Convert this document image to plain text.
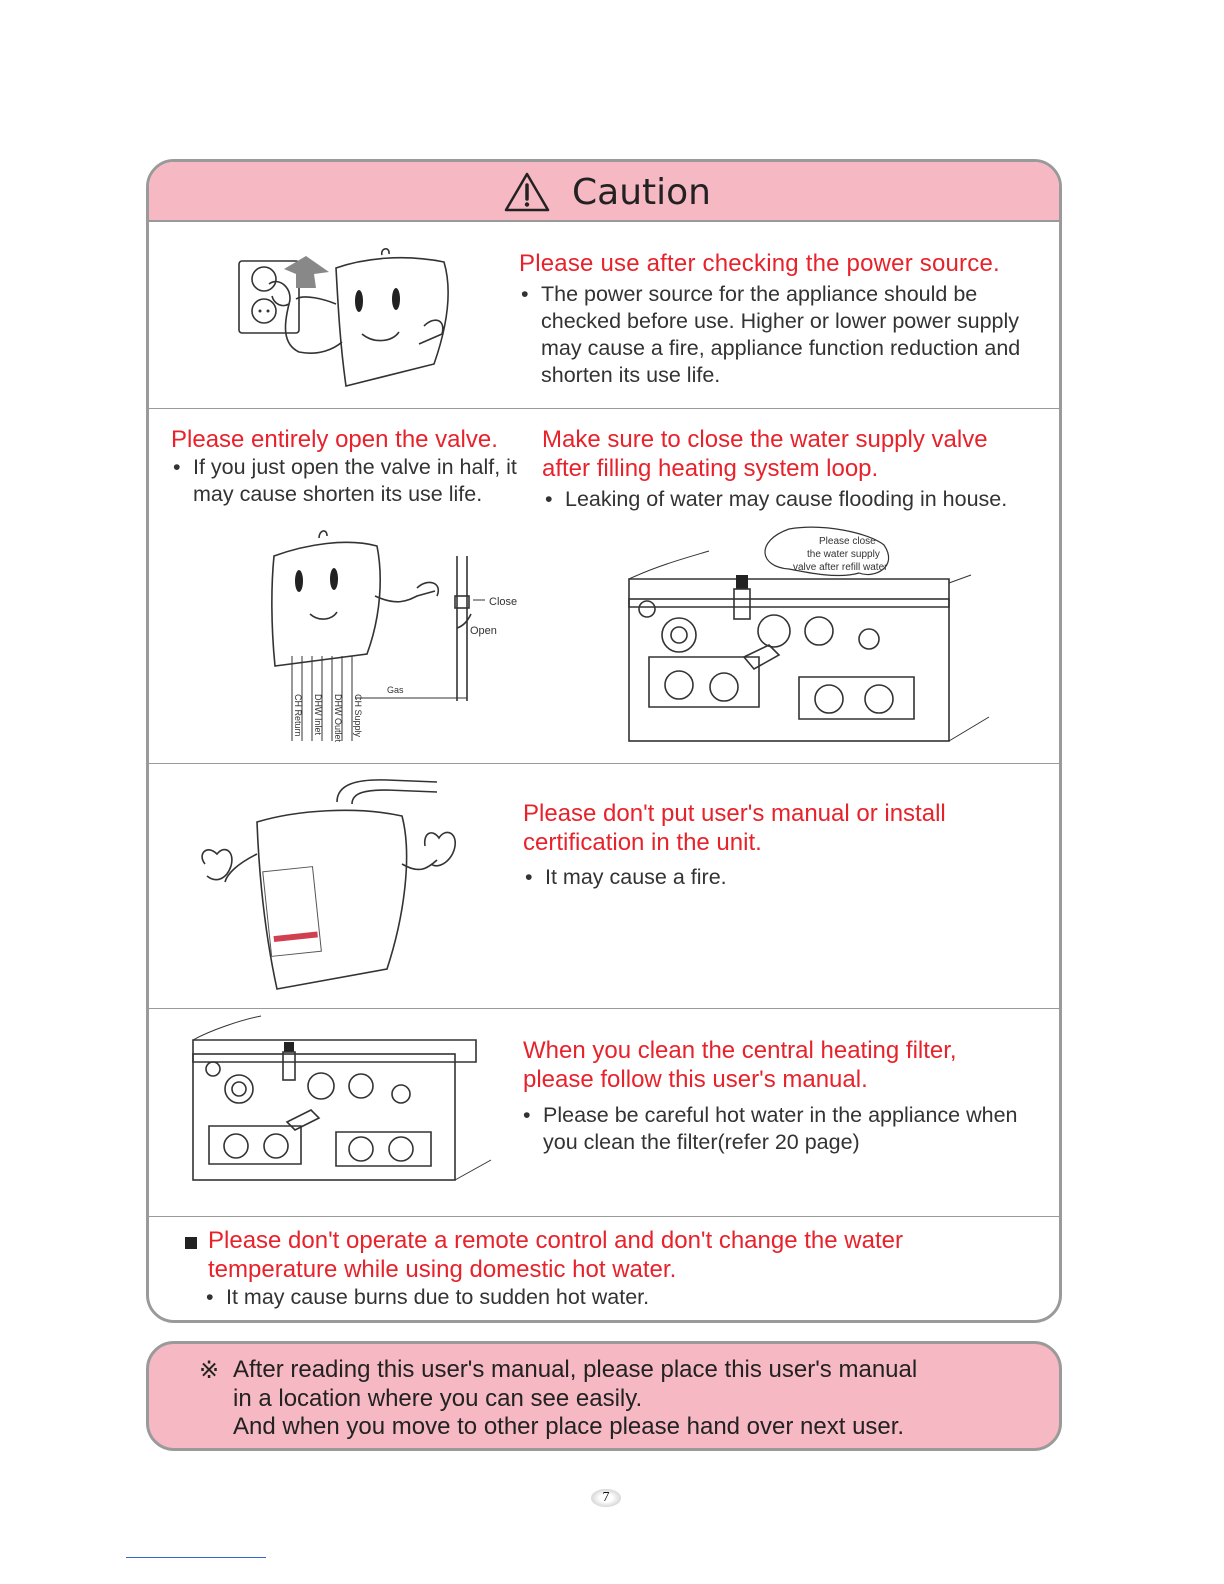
Caution
Please use after checking the power source.
• The power source for the appliance should be checked before use. Higher or lower power supply may cause a fire, appliance function reduction and shorten its use life.
Please entirely open the valve.
• If you just open the valve in half, it may cause shorten its use life.
Close
Open
Gas
CH Return DHW Inlet DHW Outlet CH Supply
Make sure to close the water supply valve after filling heating system loop.
• Leaking of water may cause flooding in house.
Please close
the water supply
valve after refill water
Please don't put user's manual or install certification in the unit.
• It may cause a fire.
When you clean the central heating filter, please follow this user's manual.
• Please be careful hot water in the appliance when you clean the filter(refer 20 page)
Please don't operate a remote control and don't change the water temperature while using domestic hot water.
• It may cause burns due to sudden hot water.
※ After reading this user's manual, please place this user's manual
in a location where you can see easily.
And when you move to other place please hand over next user.
7
